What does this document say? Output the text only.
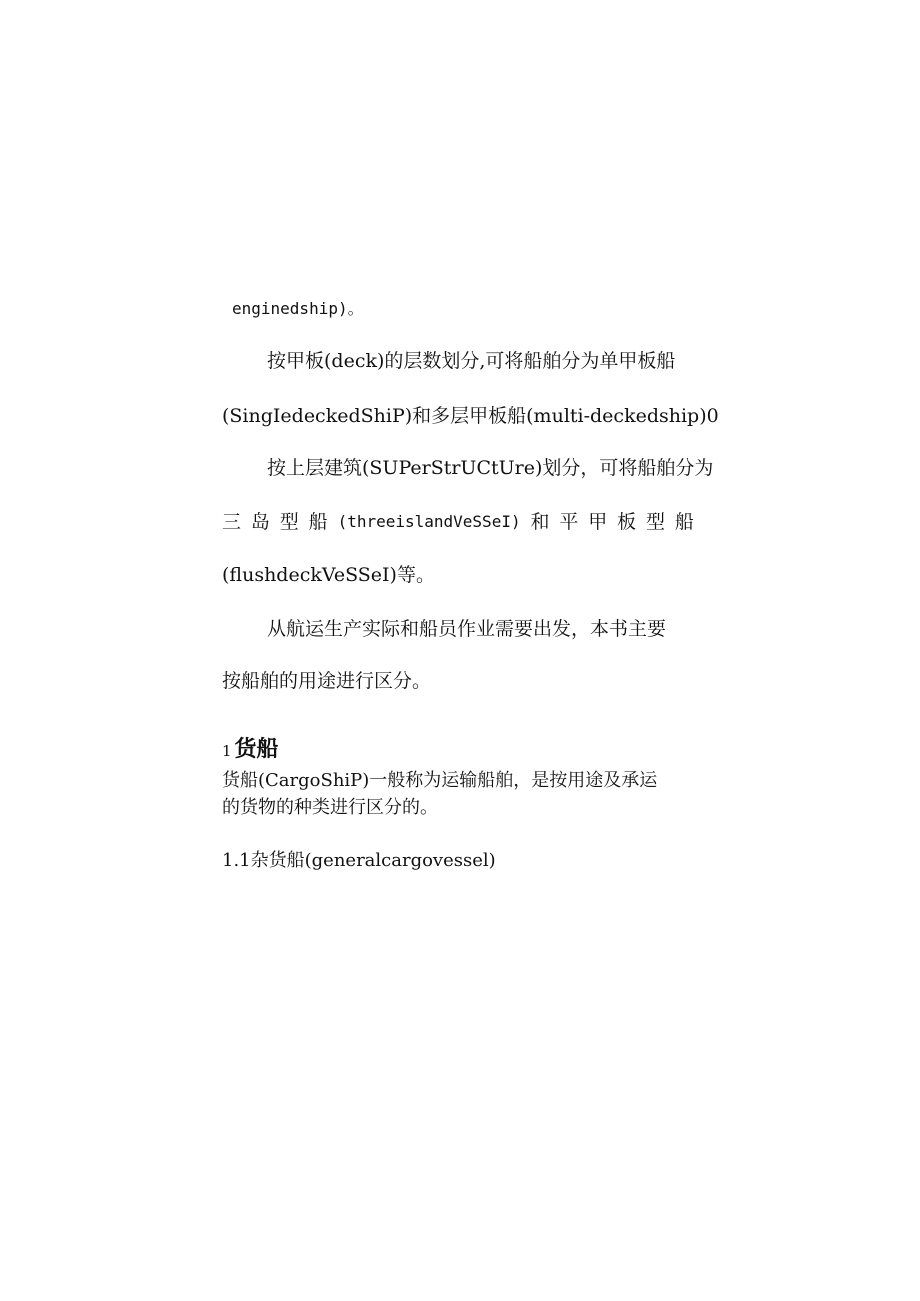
enginedship)。
按甲板(deck)的层数划分,可将船舶分为单甲板船
(SingIedeckedShiP)和多层甲板船(multi-deckedship)0
按上层建筑(SUPerStrUCtUre)划分，可将船舶分为
三 岛 型 船 (threeislandVeSSeI) 和 平 甲 板 型 船
(flushdeckVeSSeI)等。
从航运生产实际和船员作业需要出发，本书主要
按船舶的用途进行区分。
1 货船
货船(CargoShiP)一般称为运输船舶，是按用途及承运
的货物的种类进行区分的。
1.1杂货船(generalcargovessel)
